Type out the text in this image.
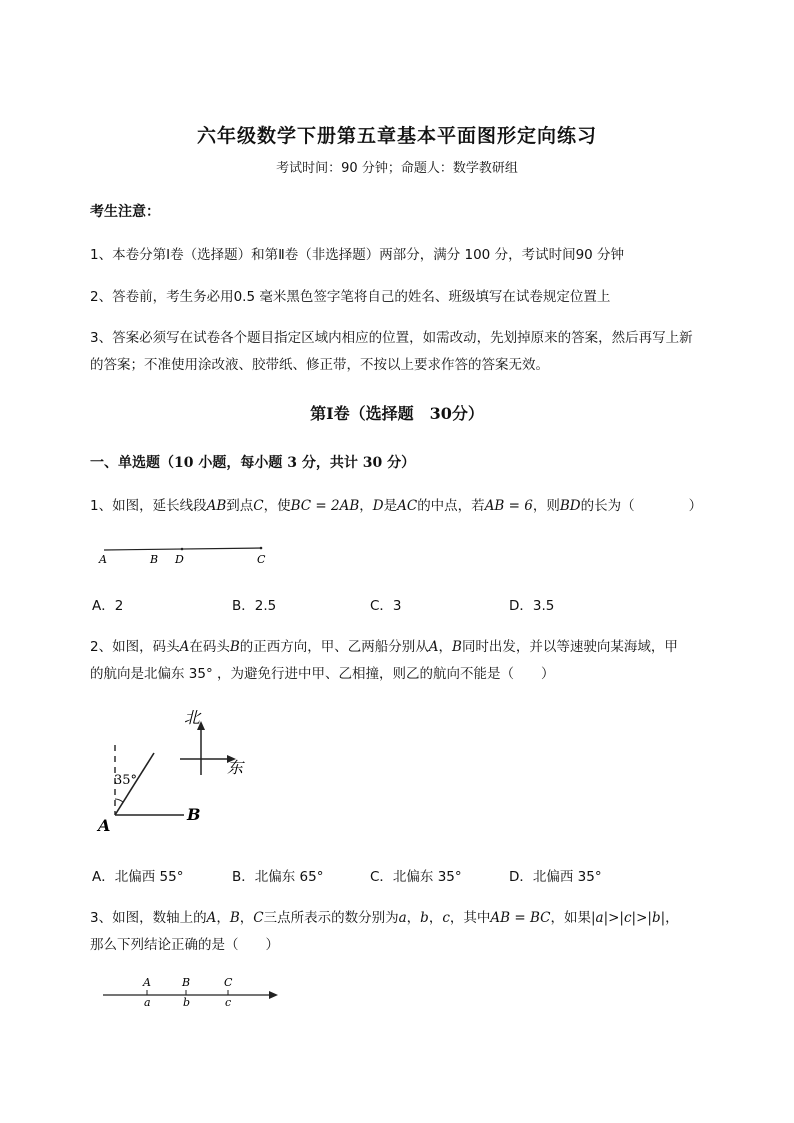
六年级数学下册第五章基本平面图形定向练习
考试时间：90 分钟；命题人：数学教研组
考生注意：
1、本卷分第Ⅰ卷（选择题）和第Ⅱ卷（非选择题）两部分，满分 100 分，考试时间90 分钟
2、答卷前，考生务必用0.5 毫米黑色签字笔将自己的姓名、班级填写在试卷规定位置上
3、答案必须写在试卷各个题目指定区域内相应的位置，如需改动，先划掉原来的答案，然后再写上新
的答案；不准使用涂改液、胶带纸、修正带，不按以上要求作答的答案无效。
第Ⅰ卷（选择题　30分）
一、单选题（10 小题，每小题 3 分，共计 30 分）
1、如图，延长线段AB到点C，使BC = 2AB，D是AC的中点，若AB = 6，则BD的长为（　　　　）
A	B D	C
A．2	B．2.5	C．3	D．3.5
2、如图，码头A在码头B的正西方向，甲、乙两船分别从A，B同时出发，并以等速驶向某海域，甲
的航向是北偏东 35° ，为避免行进中甲、乙相撞，则乙的航向不能是（　　）
北
东
35°
A
B
A．北偏西 55°	B．北偏东 65°	C．北偏东 35°	D．北偏西 35°
3、如图，数轴上的A，B，C三点所表示的数分别为a，b，c，其中AB = BC，如果|a|>|c|>|b|，
那么下列结论正确的是（　　）
A	B	C
a	b	c
